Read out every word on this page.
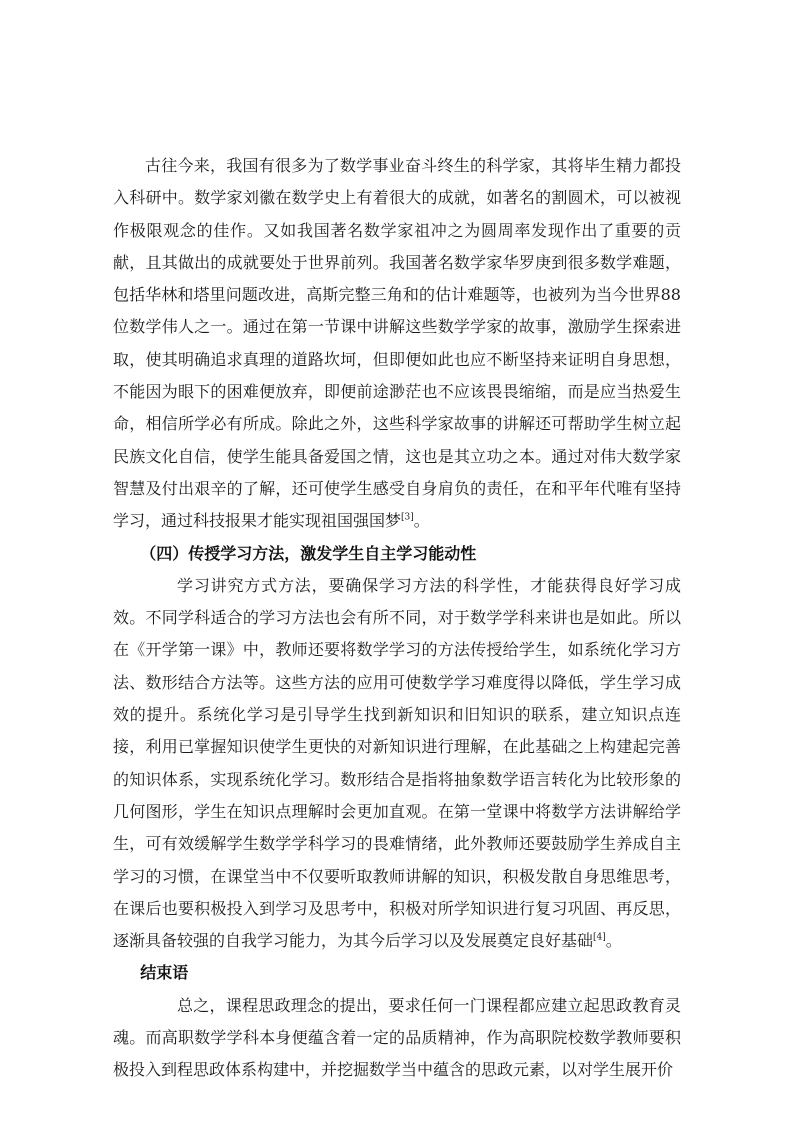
古往今来，我国有很多为了数学事业奋斗终生的科学家，其将毕生精力都投入科研中。数学家刘徽在数学史上有着很大的成就，如著名的割圆术，可以被视作极限观念的佳作。又如我国著名数学家祖冲之为圆周率发现作出了重要的贡献，且其做出的成就要处于世界前列。我国著名数学家华罗庚到很多数学难题，包括华林和塔里问题改进，高斯完整三角和的估计难题等，也被列为当今世界88位数学伟人之一。通过在第一节课中讲解这些数学学家的故事，激励学生探索进取，使其明确追求真理的道路坎坷，但即便如此也应不断坚持来证明自身思想，不能因为眼下的困难便放弃，即便前途渺茫也不应该畏畏缩缩，而是应当热爱生命，相信所学必有所成。除此之外，这些科学家故事的讲解还可帮助学生树立起民族文化自信，使学生能具备爱国之情，这也是其立功之本。通过对伟大数学家智慧及付出艰辛的了解，还可使学生感受自身肩负的责任，在和平年代唯有坚持学习，通过科技报果才能实现祖国强国梦[3]。

（四）传授学习方法，激发学生自主学习能动性

学习讲究方式方法，要确保学习方法的科学性，才能获得良好学习成效。不同学科适合的学习方法也会有所不同，对于数学学科来讲也是如此。所以在《开学第一课》中，教师还要将数学学习的方法传授给学生，如系统化学习方法、数形结合方法等。这些方法的应用可使数学学习难度得以降低，学生学习成效的提升。系统化学习是引导学生找到新知识和旧知识的联系，建立知识点连接，利用已掌握知识使学生更快的对新知识进行理解，在此基础之上构建起完善的知识体系，实现系统化学习。数形结合是指将抽象数学语言转化为比较形象的几何图形，学生在知识点理解时会更加直观。在第一堂课中将数学方法讲解给学生，可有效缓解学生数学学科学习的畏难情绪，此外教师还要鼓励学生养成自主学习的习惯，在课堂当中不仅要听取教师讲解的知识，积极发散自身思维思考，在课后也要积极投入到学习及思考中，积极对所学知识进行复习巩固、再反思，逐渐具备较强的自我学习能力，为其今后学习以及发展奠定良好基础[4]。

结束语

总之，课程思政理念的提出，要求任何一门课程都应建立起思政教育灵魂。而高职数学学科本身便蕴含着一定的品质精神，作为高职院校数学教师要积极投入到程思政体系构建中，并挖掘数学当中蕴含的思政元素，以对学生展开价
